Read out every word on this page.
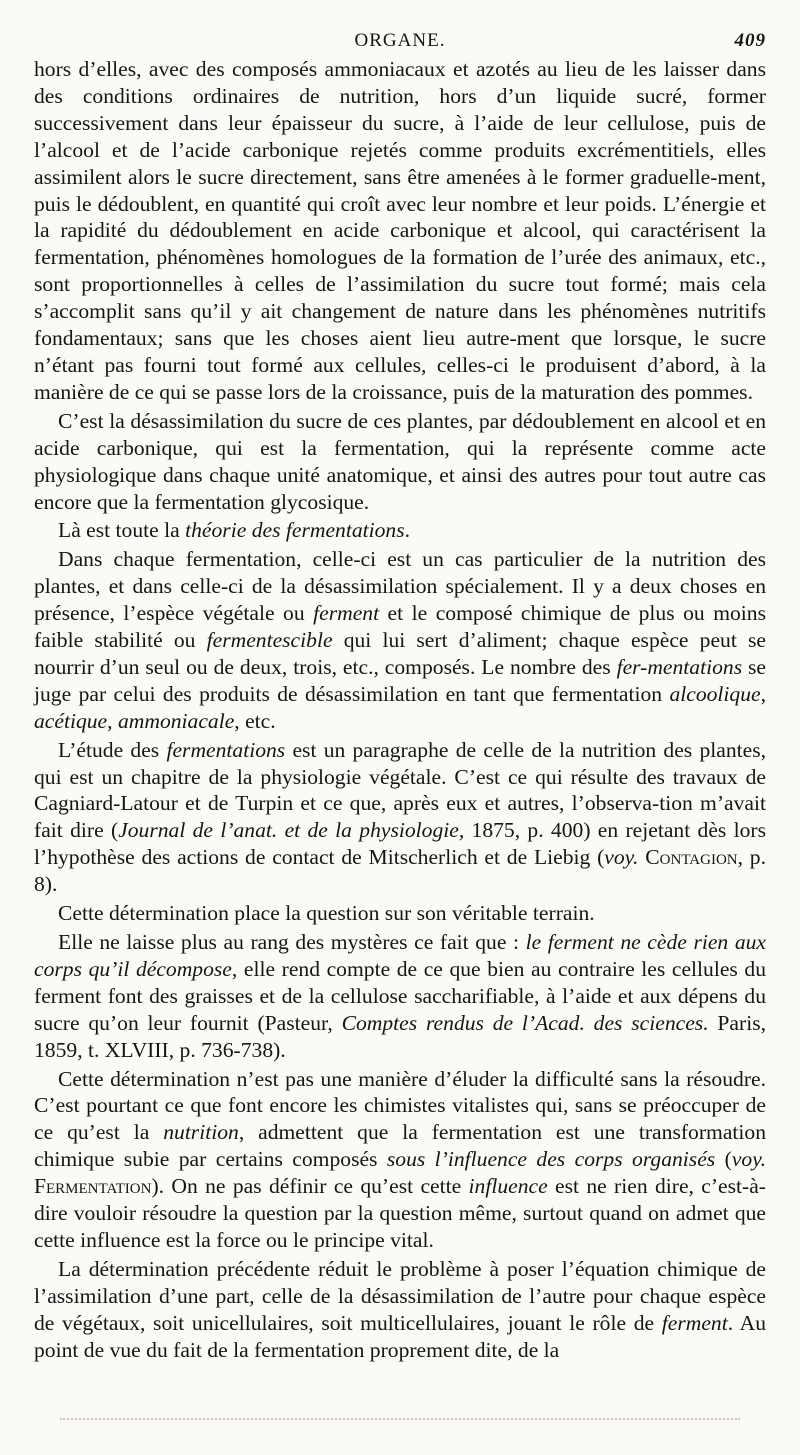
ORGANE.	409

hors d’elles, avec des composés ammoniacaux et azotés au lieu de les laisser dans des conditions ordinaires de nutrition, hors d’un liquide sucré, former successivement dans leur épaisseur du sucre, à l’aide de leur cellulose, puis de l’alcool et de l’acide carbonique rejetés comme produits excrémentitiels, elles assimilent alors le sucre directement, sans être amenées à le former graduelle-ment, puis le dédoublent, en quantité qui croît avec leur nombre et leur poids. L’énergie et la rapidité du dédoublement en acide carbonique et alcool, qui caractérisent la fermentation, phénomènes homologues de la formation de l’urée des animaux, etc., sont proportionnelles à celles de l’assimilation du sucre tout formé; mais cela s’accomplit sans qu’il y ait changement de nature dans les phénomènes nutritifs fondamentaux; sans que les choses aient lieu autre-ment que lorsque, le sucre n’étant pas fourni tout formé aux cellules, celles-ci le produisent d’abord, à la manière de ce qui se passe lors de la croissance, puis de la maturation des pommes.

C’est la désassimilation du sucre de ces plantes, par dédoublement en alcool et en acide carbonique, qui est la fermentation, qui la représente comme acte physiologique dans chaque unité anatomique, et ainsi des autres pour tout autre cas encore que la fermentation glycosique.

Là est toute la théorie des fermentations.

Dans chaque fermentation, celle-ci est un cas particulier de la nutrition des plantes, et dans celle-ci de la désassimilation spécialement. Il y a deux choses en présence, l’espèce végétale ou ferment et le composé chimique de plus ou moins faible stabilité ou fermentescible qui lui sert d’aliment; chaque espèce peut se nourrir d’un seul ou de deux, trois, etc., composés. Le nombre des fer-mentations se juge par celui des produits de désassimilation en tant que fermentation alcoolique, acétique, ammoniacale, etc.

L’étude des fermentations est un paragraphe de celle de la nutrition des plantes, qui est un chapitre de la physiologie végétale. C’est ce qui résulte des travaux de Cagniard-Latour et de Turpin et ce que, après eux et autres, l’observa-tion m’avait fait dire (Journal de l’anat. et de la physiologie, 1875, p. 400) en rejetant dès lors l’hypothèse des actions de contact de Mitscherlich et de Liebig (voy. Contagion, p. 8).

Cette détermination place la question sur son véritable terrain.

Elle ne laisse plus au rang des mystères ce fait que : le ferment ne cède rien aux corps qu’il décompose, elle rend compte de ce que bien au contraire les cellules du ferment font des graisses et de la cellulose saccharifiable, à l’aide et aux dépens du sucre qu’on leur fournit (Pasteur, Comptes rendus de l’Acad. des sciences. Paris, 1859, t. XLVIII, p. 736-738).

Cette détermination n’est pas une manière d’éluder la difficulté sans la résoudre. C’est pourtant ce que font encore les chimistes vitalistes qui, sans se préoccuper de ce qu’est la nutrition, admettent que la fermentation est une transformation chimique subie par certains composés sous l’influence des corps organisés (voy. Fermentation). On ne pas définir ce qu’est cette influence est ne rien dire, c’est-à-dire vouloir résoudre la question par la question même, surtout quand on admet que cette influence est la force ou le principe vital.

La détermination précédente réduit le problème à poser l’équation chimique de l’assimilation d’une part, celle de la désassimilation de l’autre pour chaque espèce de végétaux, soit unicellulaires, soit multicellulaires, jouant le rôle de ferment. Au point de vue du fait de la fermentation proprement dite, de la
